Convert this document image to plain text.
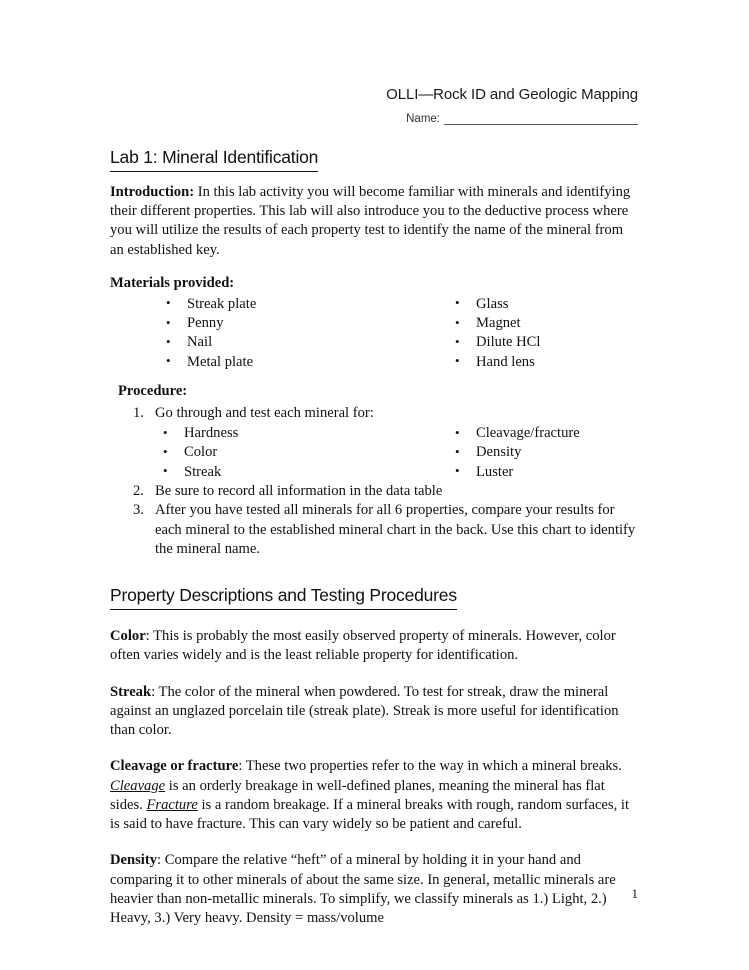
OLLI—Rock ID and Geologic Mapping
Name:
Lab 1: Mineral Identification

Introduction: In this lab activity you will become familiar with minerals and identifying their different properties. This lab will also introduce you to the deductive process where you will utilize the results of each property test to identify the name of the mineral from an established key.

Materials provided:

• Streak plate
• Penny
• Nail
• Metal plate
• Glass
• Magnet
• Dilute HCl
• Hand lens

Procedure:

1. Go through and test each mineral for:
• Hardness
• Color
• Streak
• Cleavage/fracture
• Density
• Luster
2. Be sure to record all information in the data table
3. After you have tested all minerals for all 6 properties, compare your results for each mineral to the established mineral chart in the back. Use this chart to identify the mineral name.
Property Descriptions and Testing Procedures

Color: This is probably the most easily observed property of minerals. However, color often varies widely and is the least reliable property for identification.

Streak: The color of the mineral when powdered. To test for streak, draw the mineral against an unglazed porcelain tile (streak plate). Streak is more useful for identification than color.

Cleavage or fracture: These two properties refer to the way in which a mineral breaks. Cleavage is an orderly breakage in well-defined planes, meaning the mineral has flat sides. Fracture is a random breakage. If a mineral breaks with rough, random surfaces, it is said to have fracture. This can vary widely so be patient and careful.

Density: Compare the relative “heft” of a mineral by holding it in your hand and comparing it to other minerals of about the same size. In general, metallic minerals are heavier than non-metallic minerals. To simplify, we classify minerals as 1.) Light, 2.) Heavy, 3.) Very heavy. Density = mass/volume

1
